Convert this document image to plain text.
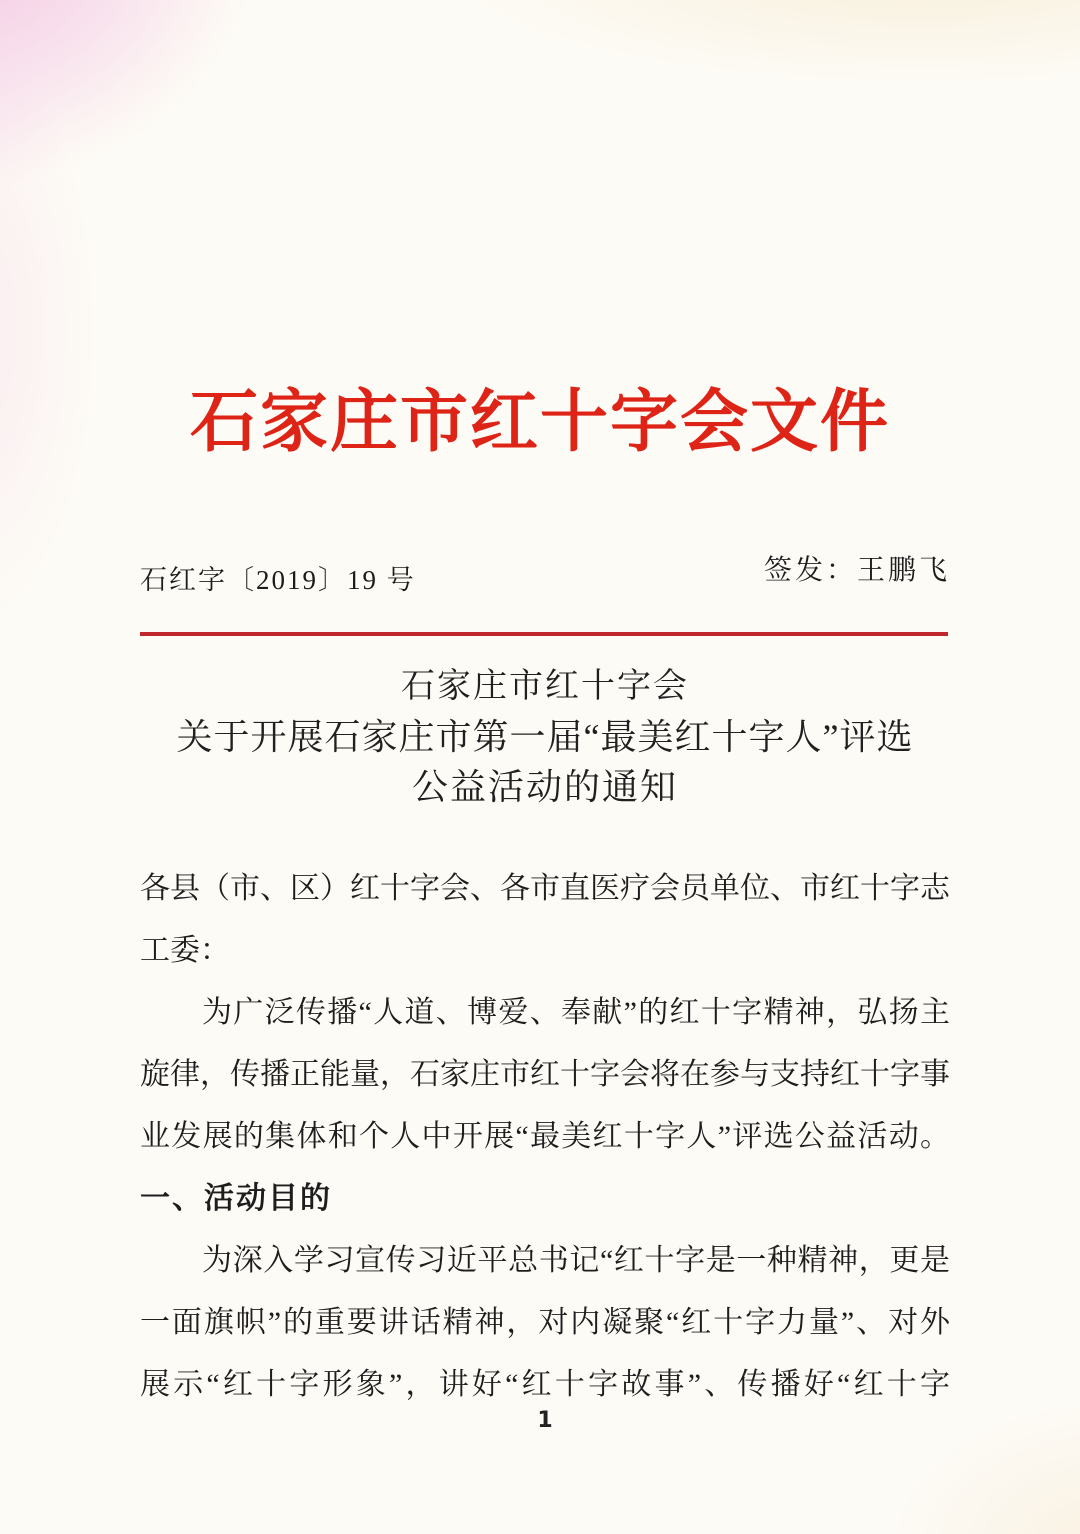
石家庄市红十字会文件
石红字〔2019〕19 号	签发：王鹏飞
石家庄市红十字会
关于开展石家庄市第一届“最美红十字人”评选
公益活动的通知
各县（市、区）红十字会、各市直医疗会员单位、市红十字志
工委：
为广泛传播“人道、博爱、奉献”的红十字精神，弘扬主
旋律，传播正能量，石家庄市红十字会将在参与支持红十字事
业发展的集体和个人中开展“最美红十字人”评选公益活动。
一、活动目的
为深入学习宣传习近平总书记“红十字是一种精神，更是
一面旗帜”的重要讲话精神，对内凝聚“红十字力量”、对外
展示“红十字形象”，讲好“红十字故事”、传播好“红十字
1
